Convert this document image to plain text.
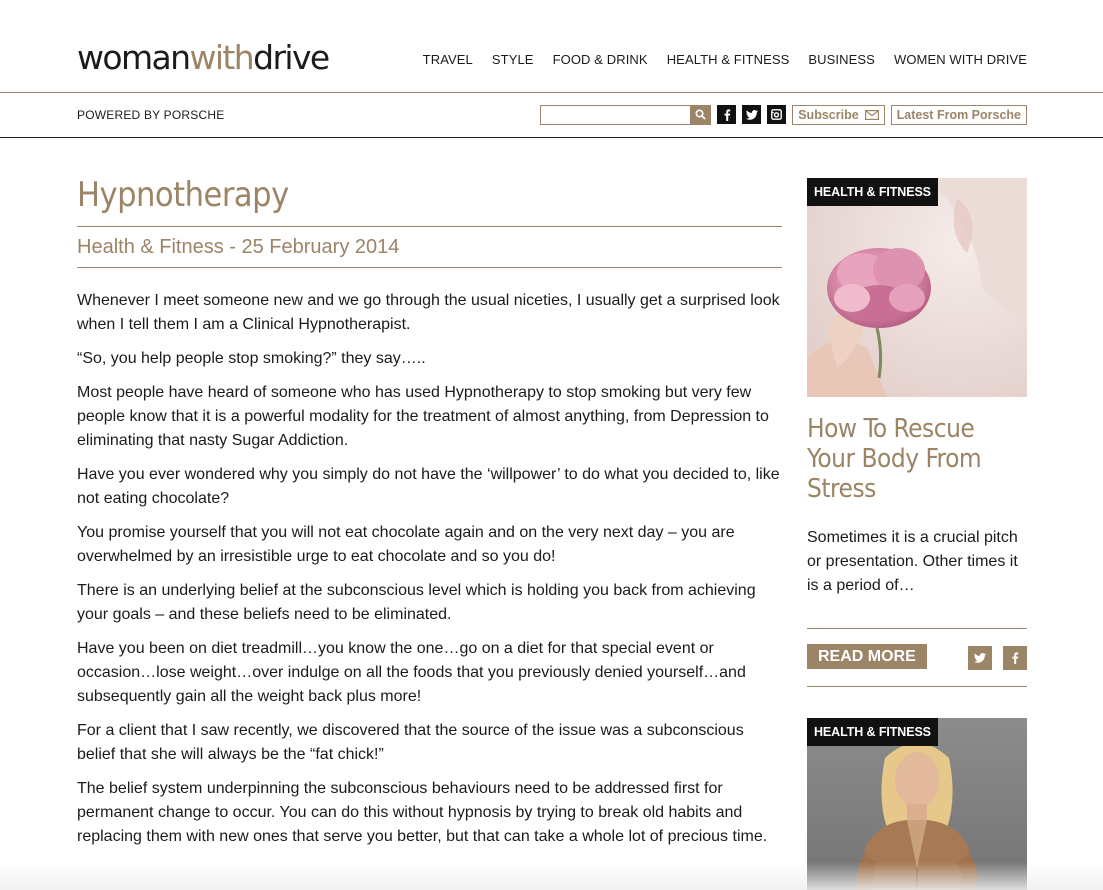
womanwithdrive	TRAVEL STYLE FOOD & DRINK HEALTH & FITNESS BUSINESS WOMEN WITH DRIVE
POWERED BY PORSCHE	Subscribe	Latest From Porsche
Hypnotherapy
Health & Fitness - 25 February 2014

Whenever I meet someone new and we go through the usual niceties, I usually get a surprised look when I tell them I am a Clinical Hypnotherapist.

“So, you help people stop smoking?” they say…..

Most people have heard of someone who has used Hypnotherapy to stop smoking but very few people know that it is a powerful modality for the treatment of almost anything, from Depression to eliminating that nasty Sugar Addiction.

Have you ever wondered why you simply do not have the ‘willpower’ to do what you decided to, like not eating chocolate?

You promise yourself that you will not eat chocolate again and on the very next day – you are overwhelmed by an irresistible urge to eat chocolate and so you do!

There is an underlying belief at the subconscious level which is holding you back from achieving your goals – and these beliefs need to be eliminated.

Have you been on diet treadmill…you know the one…go on a diet for that special event or occasion…lose weight…over indulge on all the foods that you previously denied yourself…and subsequently gain all the weight back plus more!

For a client that I saw recently, we discovered that the source of the issue was a subconscious belief that she will always be the “fat chick!”

The belief system underpinning the subconscious behaviours need to be addressed first for permanent change to occur. You can do this without hypnosis by trying to break old habits and replacing them with new ones that serve you better, but that can take a whole lot of precious time.

HEALTH & FITNESS
How To Rescue Your Body From Stress
Sometimes it is a crucial pitch or presentation. Other times it is a period of…
READ MORE
HEALTH & FITNESS
